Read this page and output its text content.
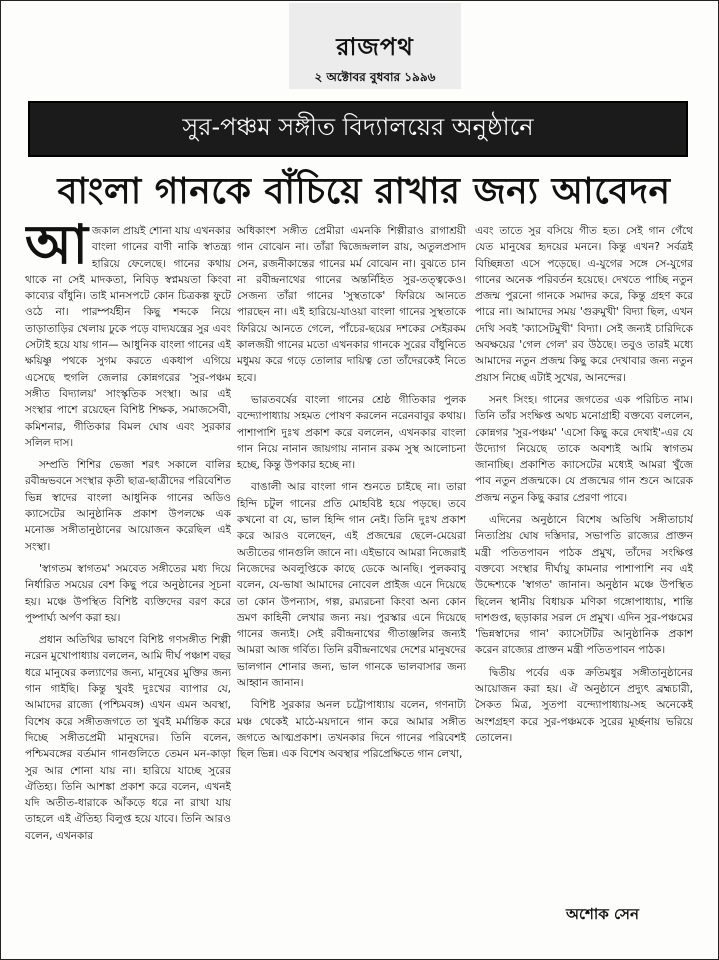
রাজপথ
২ অক্টোবর বুধবার ১৯৯৬
সুর-পঞ্চম সঙ্গীত বিদ্যালয়ের অনুষ্ঠানে
বাংলা গানকে বাঁচিয়ে রাখার জন্য আবেদন
আ জকাল প্রায়ই শোনা যায় এখনকার বাংলা গানের বাণী নাকি স্বাতন্ত্র্য হারিয়ে ফেলেছে। গানের কথায় থাকে না সেই মাদকতা, নিবিড় স্বপ্নময়তা কিংবা কাব্যের বাঁধুনি। তাই মানসপটে কোন চিত্রকল্প ফুটে ওঠে না। পারম্পর্যহীন কিছু শব্দকে নিয়ে তাড়াতাড়ির খেলায় ঢুকে পড়ে বাদ্যযন্ত্রের সুর এবং সেটাই হয়ে যায় গান— আধুনিক বাংলা গানের এই ক্ষয়িষ্ণু পথকে সুগম করতে একধাপ এগিয়ে এসেছে হুগলি জেলার কোন্নগরের 'সুর-পঞ্চম সঙ্গীত বিদ্যালয়' সাংস্কৃতিক সংস্থা। আর এই সংস্থার পাশে রয়েছেন বিশিষ্ট শিক্ষক, সমাজসেবী, কমিশনার, গীতিকার বিমল ঘোষ এবং সুরকার সলিল দাস।

সম্প্রতি শিশির ভেজা শরৎ সকালে বালির রবীন্দ্রভবনে সংস্থার কৃতী ছাত্র-ছাত্রীদের পরিবেশিত ভিন্ন স্বাদের বাংলা আধুনিক গানের অডিও ক্যাসেটের আনুষ্ঠানিক প্রকাশ উপলক্ষে এক মনোজ্ঞ সঙ্গীতানুষ্ঠানের আয়োজন করেছিল এই সংস্থা।

'স্বাগতম স্বাগতম' সমবেত সঙ্গীতের মধ্য দিয়ে নির্ধারিত সময়ের বেশ কিছু পরে অনুষ্ঠানের সূচনা হয়। মঞ্চে উপস্থিত বিশিষ্ট ব্যক্তিদের বরণ করে পুষ্পার্ঘ্য অর্পণ করা হয়।

প্রধান অতিথির ভাষণে বিশিষ্ট গণসঙ্গীত শিল্পী নরেন মুখোপাধ্যায় বললেন, আমি দীর্ঘ পঞ্চাশ বছর ধরে মানুষের কল্যাণের জন্য, মানুষের মুক্তির জন্য গান গাইছি। কিন্তু খুবই দুঃখের ব্যাপার যে, আমাদের রাজ্যে (পশ্চিমবঙ্গ) এখন এমন অবস্থা, বিশেষ করে সঙ্গীতজগতে তা খুবই মর্মান্তিক করে দিচ্ছে সঙ্গীতপ্রেমী মানুষদের। তিনি বলেন, পশ্চিমবঙ্গের বর্তমান গানগুলিতে তেমন মন-কাড়া সুর আর শোনা যায় না। হারিয়ে যাচ্ছে সুরের ঐতিহ্য। তিনি আশঙ্কা প্রকাশ করে বলেন, এখনই যদি অতীত-ধারাকে আঁকড়ে ধরে না রাখা যায় তাহলে এই ঐতিহ্য বিলুপ্ত হয়ে যাবে। তিনি আরও বলেন, এখনকার

অধিকাংশ সঙ্গীত প্রেমীরা এমনকি শিল্পীরাও রাগাশ্রয়ী গান বোঝেন না। তাঁরা দ্বিজেন্দ্রলাল রায়, অতুলপ্রসাদ সেন, রজনীকান্তের গানের মর্ম বোঝেন না। বুঝতে চান না রবীন্দ্রনাথের গানের অন্তর্নিহিত সুর-তত্ত্বকেও। সেজন্য তাঁরা গানের 'সুস্থতাকে' ফিরিয়ে আনতে পারছেন না। এই হারিয়ে-যাওয়া বাংলা গানের সুস্থতাকে ফিরিয়ে আনতে গেলে, পাঁচের-ছয়ের দশকের সেইরকম কালজয়ী গানের মতো এখনকার গানকে সুরের বাঁধুনিতে মধুময় করে গড়ে তোলার দায়িত্ব তো তাঁদেরকেই নিতে হবে।

ভারতবর্ষের বাংলা গানের শ্রেষ্ঠ গীতিকার পুলক বন্দ্যোপাধ্যায় সহমত পোষণ করলেন নরেনবাবুর কথায়। পাশাপাশি দুঃখ প্রকাশ করে বললেন, এখনকার বাংলা গান নিয়ে নানান জায়গায় নানান রকম সুস্থ আলোচনা হচ্ছে, কিন্তু উপকার হচ্ছে না।

বাঙালী আর বাংলা গান শুনতে চাইছে না। তারা হিন্দি চটুল গানের প্রতি মোহবিষ্ট হয়ে পড়ছে। তবে কখনো বা যে, ভাল হিন্দি গান নেই। তিনি দুঃখ প্রকাশ করে আরও বলেছেন, এই প্রজন্মের ছেলে-মেয়েরা অতীতের গানগুলি জানে না। এইভাবে আমরা নিজেরাই নিজেদের অবলুপ্তিকে কাছে ডেকে আনছি। পুলকবাবু বলেন, যে-ভাষা আমাদের নোবেল প্রাইজ এনে দিয়েছে তা কোন উপন্যাস, গল্প, রম্যরচনা কিংবা অন্য কোন ভ্রমণ কাহিনী লেখার জন্য নয়। পুরস্কার এনে দিয়েছে গানের জন্যই। সেই রবীন্দ্রনাথের গীতাঞ্জলির জন্যই আমরা আজ গর্বিত। তিনি রবীন্দ্রনাথের দেশের মানুষদের ভালগান শোনার জন্য, ভাল গানকে ভালবাসার জন্য আহ্বান জানান।

বিশিষ্ট সুরকার অনল চট্টোপাধ্যায় বলেন, গণনাট্য মঞ্চ থেকেই মাঠে-ময়দানে গান করে আমার সঙ্গীত জগতে আত্মপ্রকাশ। তখনকার দিনে গানের পরিবেশই ছিল ভিন্ন। এক বিশেষ অবস্থার পরিপ্রেক্ষিতে গান লেখা,

এবং তাতে সুর বসিয়ে গীত হত। সেই গান গেঁথে যেত মানুষের হৃদয়ের মননে। কিন্তু এখন? সর্বত্রই বিচ্ছিন্নতা এসে পড়েছে। এ-যুগের সঙ্গে সে-যুগের গানের অনেক পরিবর্তন হয়েছে। দেখতে পাচ্ছি নতুন প্রজন্ম পুরনো গানকে সমাদর করে, কিন্তু গ্রহণ করে পারে না। আমাদের সময় 'গুরুমুখী' বিদ্যা ছিল, এখন দেখি সবই 'ক্যাসেটমুখী' বিদ্যা। সেই জন্যই চারিদিকে অবক্ষয়ের 'গেল গেল' রব উঠছে। তবুও তারই মধ্যে আমাদের নতুন প্রজন্ম কিছু করে দেখাবার জন্য নতুন প্রয়াস নিচ্ছে এটাই সুখের, আনন্দের।

সনৎ সিংহ। গানের জগতের এক পরিচিত নাম। তিনি তাঁর সংক্ষিপ্ত অথচ মনোগ্রাহী বক্তব্যে বললেন, কোন্নগর 'সুর-পঞ্চম' 'এসো কিছু করে দেখাই'-এর যে উদ্যোগ নিয়েছে তাকে অবশ্যই আমি স্বাগতম জানাচ্ছি। প্রকাশিত ক্যাসেটের মধ্যেই আমরা খুঁজে পাব নতুন প্রজন্মকে। যে প্রজন্মের গান শুনে আরেক প্রজন্ম নতুন কিছু করার প্রেরণা পাবে।

এদিনের অনুষ্ঠানে বিশেষ অতিথি সঙ্গীতাচার্য নিত্যপ্রিয় ঘোষ দস্তিদার, সভাপতি রাজ্যের প্রাক্তন মন্ত্রী পতিতপাবন পাঠক প্রমুখ, তাঁদের সংক্ষিপ্ত বক্তব্যে সংস্থার দীর্ঘায়ু কামনার পাশাপাশি নব এই উদ্দেশ্যকে 'স্বাগত' জানান। অনুষ্ঠান মঞ্চে উপস্থিত ছিলেন স্থানীয় বিধায়ক মণিকা গঙ্গোপাধ্যায়, শান্তি দাশগুপ্ত, ছড়াকার সরল দে প্রমুখ। এদিন সুর-পঞ্চমের 'ভিন্নস্বাদের গান' ক্যাসেটটির আনুষ্ঠানিক প্রকাশ করেন রাজ্যের প্রাক্তন মন্ত্রী পতিতপাবন পাঠক।

দ্বিতীয় পর্বের এক ক্রতিমধুর সঙ্গীতানুষ্ঠানের আয়োজন করা হয়। ঐ অনুষ্ঠানে প্রদ্যুৎ ব্রহ্মচারী, সৈকত মিত্র, সুতপা বন্দ্যোপাধ্যায়-সহ অনেকেই অংশগ্রহণ করে সুর-পঞ্চমকে সুরের মূর্চ্ছনায় ভরিয়ে তোলেন।

অশোক সেন
